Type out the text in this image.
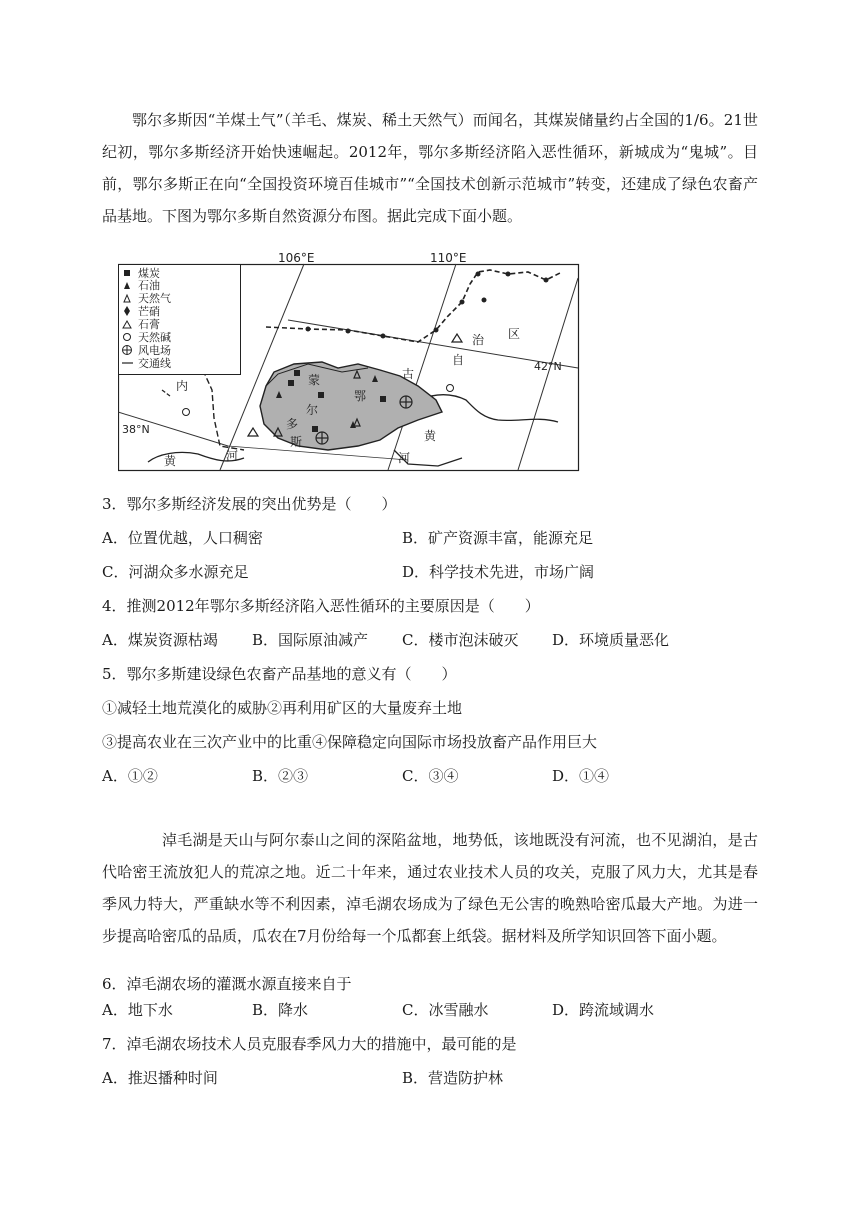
鄂尔多斯因“羊煤土气”（羊毛、煤炭、稀土天然气）而闻名，其煤炭储量约占全国的1/6。21世纪初，鄂尔多斯经济开始快速崛起。2012年，鄂尔多斯经济陷入恶性循环，新城成为“鬼城”。目前，鄂尔多斯正在向“全国投资环境百佳城市”“全国技术创新示范城市”转变，还建成了绿色农畜产品基地。下图为鄂尔多斯自然资源分布图。据此完成下面小题。
106°E	110°E
42°N
38°N
蒙	古
自
治 区
内
鄂
尔
多
斯
黄	河
黄
河
煤炭
石油
天然气
芒硝
石膏
天然碱
风电场
交通线
3．鄂尔多斯经济发展的突出优势是（　　）
A．位置优越，人口稠密	B．矿产资源丰富，能源充足
C．河湖众多水源充足	D．科学技术先进，市场广阔
4．推测2012年鄂尔多斯经济陷入恶性循环的主要原因是（　　）
A．煤炭资源枯竭 B．国际原油减产 C．楼市泡沫破灭 D．环境质量恶化
5．鄂尔多斯建设绿色农畜产品基地的意义有（　　）
①减轻土地荒漠化的威胁②再利用矿区的大量废弃土地
③提高农业在三次产业中的比重④保障稳定向国际市场投放畜产品作用巨大
A．①②	B．②③	C．③④	D．①④
淖毛湖是天山与阿尔泰山之间的深陷盆地，地势低，该地既没有河流，也不见湖泊，是古代哈密王流放犯人的荒凉之地。近二十年来，通过农业技术人员的攻关，克服了风力大，尤其是春季风力特大，严重缺水等不利因素，淖毛湖农场成为了绿色无公害的晚熟哈密瓜最大产地。为进一步提高哈密瓜的品质，瓜农在7月份给每一个瓜都套上纸袋。据材料及所学知识回答下面小题。
6．淖毛湖农场的灌溉水源直接来自于
A．地下水	B．降水	C．冰雪融水	D．跨流域调水
7．淖毛湖农场技术人员克服春季风力大的措施中，最可能的是
A．推迟播种时间	B．营造防护林
